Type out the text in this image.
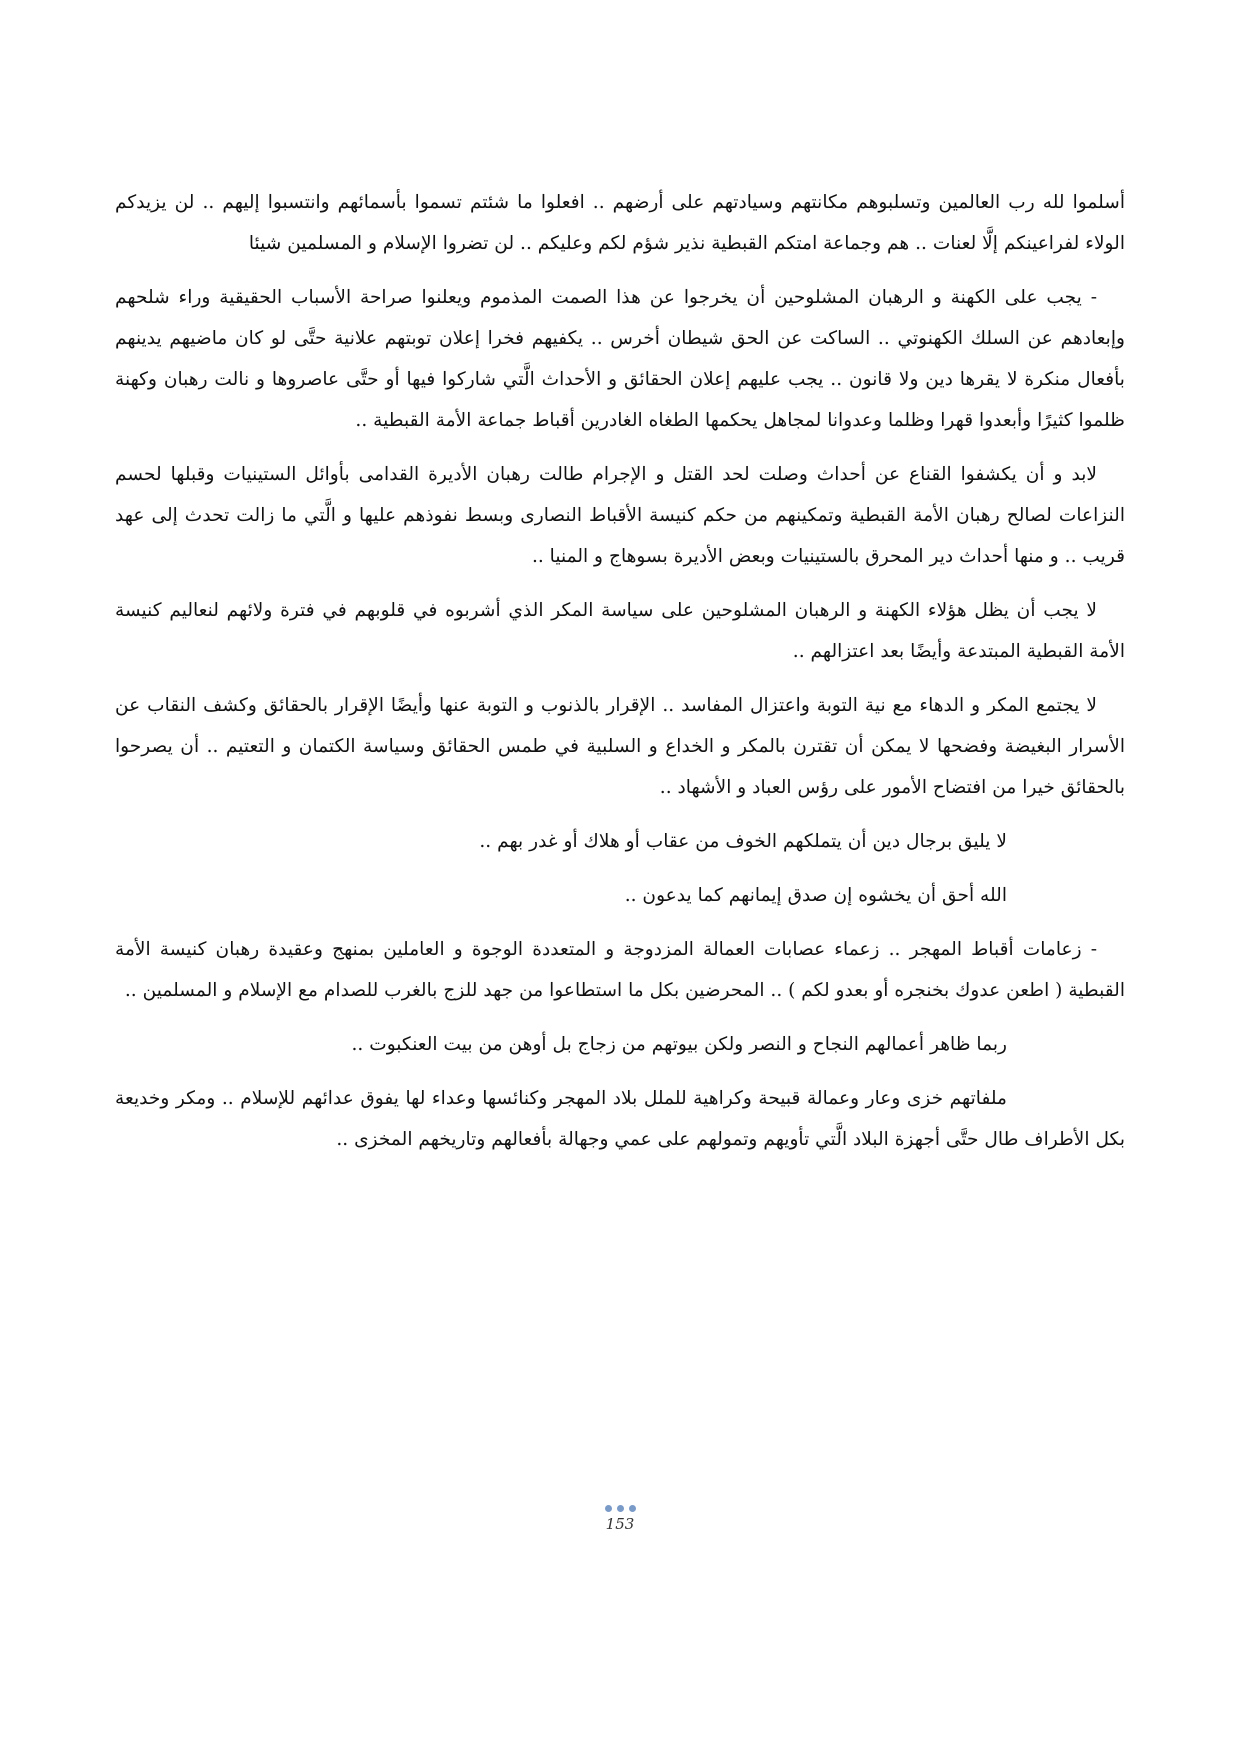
أسلموا لله رب العالمين وتسلبوهم مكانتهم وسيادتهم على أرضهم .. افعلوا ما شئتم تسموا بأسمائهم وانتسبوا إليهم .. لن يزيدكم الولاء لفراعينكم إلَّا لعنات .. هم وجماعة امتكم القبطية نذير شؤم لكم وعليكم .. لن تضروا الإسلام و المسلمين شيئا

- يجب على الكهنة و الرهبان المشلوحين أن يخرجوا عن هذا الصمت المذموم ويعلنوا صراحة الأسباب الحقيقية وراء شلحهم وإبعادهم عن السلك الكهنوتي .. الساكت عن الحق شيطان أخرس .. يكفيهم فخرا إعلان توبتهم علانية حتَّى لو كان ماضيهم يدينهم بأفعال منكرة لا يقرها دين ولا قانون .. يجب عليهم إعلان الحقائق و الأحداث الَّتي شاركوا فيها أو حتَّى عاصروها و نالت رهبان وكهنة ظلموا كثيرًا وأبعدوا قهرا وظلما وعدوانا لمجاهل يحكمها الطغاه الغادرين أقباط جماعة الأمة القبطية ..

لابد و أن يكشفوا القناع عن أحداث وصلت لحد القتل و الإجرام طالت رهبان الأديرة القدامى بأوائل الستينيات وقبلها لحسم النزاعات لصالح رهبان الأمة القبطية وتمكينهم من حكم كنيسة الأقباط النصارى وبسط نفوذهم عليها و الَّتي ما زالت تحدث إلى عهد قريب .. و منها أحداث دير المحرق بالستينيات وبعض الأديرة بسوهاج و المنيا ..

لا يجب أن يظل هؤلاء الكهنة و الرهبان المشلوحين على سياسة المكر الذي أشربوه في قلوبهم في فترة ولائهم لنعاليم كنيسة الأمة القبطية المبتدعة وأيضًا بعد اعتزالهم ..

لا يجتمع المكر و الدهاء مع نية التوبة واعتزال المفاسد .. الإقرار بالذنوب و التوبة عنها وأيضًا الإقرار بالحقائق وكشف النقاب عن الأسرار البغيضة وفضحها لا يمكن أن تقترن بالمكر و الخداع و السلبية في طمس الحقائق وسياسة الكتمان و التعتيم .. أن يصرحوا بالحقائق خيرا من افتضاح الأمور على رؤس العباد و الأشهاد ..

لا يليق برجال دين أن يتملكهم الخوف من عقاب أو هلاك أو غدر بهم ..

الله أحق أن يخشوه إن صدق إيمانهم كما يدعون ..

- زعامات أقباط المهجر .. زعماء عصابات العمالة المزدوجة و المتعددة الوجوة و العاملين بمنهج وعقيدة رهبان كنيسة الأمة القبطية ( اطعن عدوك بخنجره أو بعدو لكم ) .. المحرضين بكل ما استطاعوا من جهد للزج بالغرب للصدام مع الإسلام و المسلمين ..

ربما ظاهر أعمالهم النجاح و النصر ولكن بيوتهم من زجاج بل أوهن من بيت العنكبوت ..

ملفاتهم خزى وعار وعمالة قبيحة وكراهية للملل بلاد المهجر وكنائسها وعداء لها يفوق عدائهم للإسلام .. ومكر وخديعة بكل الأطراف طال حتَّى أجهزة البلاد الَّتي تأويهم وتمولهم على عمي وجهالة بأفعالهم وتاريخهم المخزى ..

153
